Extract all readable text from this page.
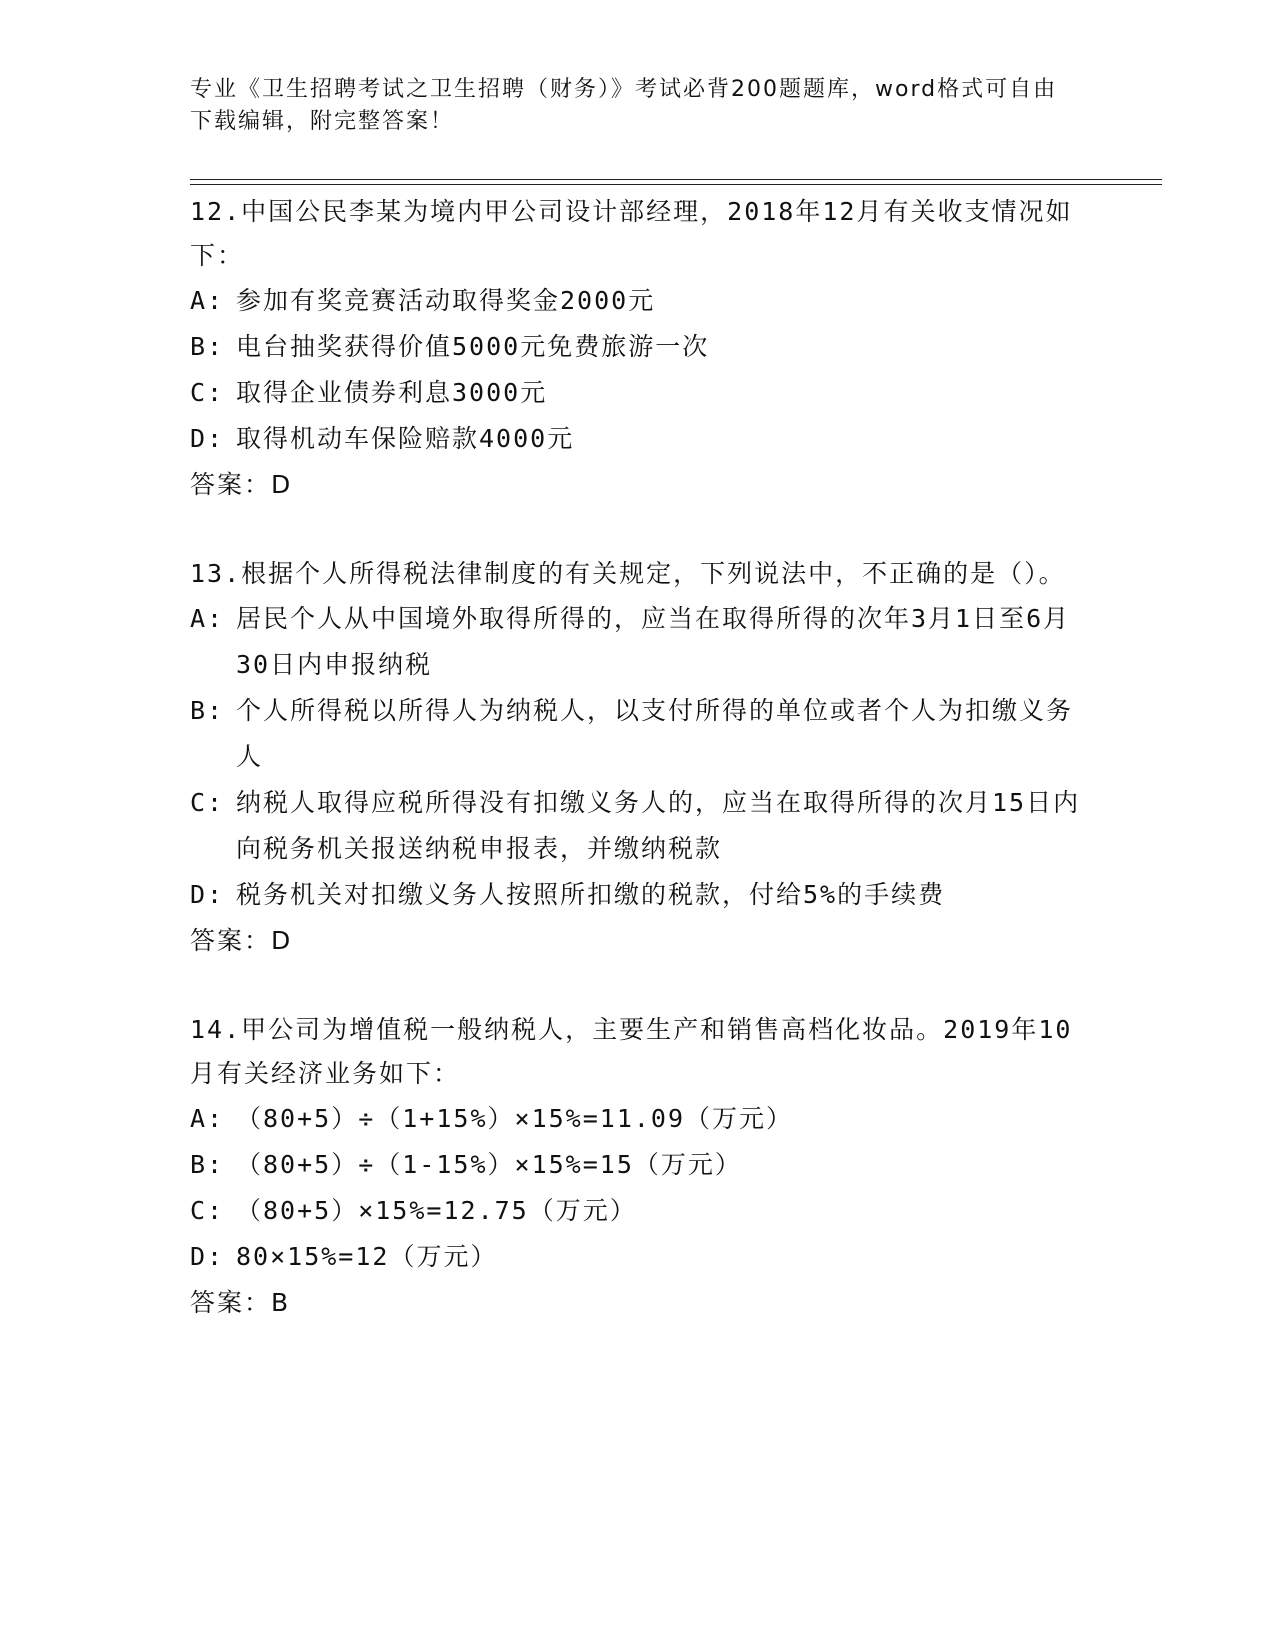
专业《卫生招聘考试之卫生招聘（财务）》考试必背200题题库，word格式可自由下载编辑，附完整答案！

12.中国公民李某为境内甲公司设计部经理，2018年12月有关收支情况如下：

A: 参加有奖竞赛活动取得奖金2000元
B: 电台抽奖获得价值5000元免费旅游一次
C: 取得企业债券利息3000元
D: 取得机动车保险赔款4000元

答案：D

13.根据个人所得税法律制度的有关规定，下列说法中，不正确的是（）。

A: 居民个人从中国境外取得所得的，应当在取得所得的次年3月1日至6月30日内申报纳税
B: 个人所得税以所得人为纳税人，以支付所得的单位或者个人为扣缴义务人
C: 纳税人取得应税所得没有扣缴义务人的，应当在取得所得的次月15日内向税务机关报送纳税申报表，并缴纳税款
D: 税务机关对扣缴义务人按照所扣缴的税款，付给5%的手续费

答案：D

14.甲公司为增值税一般纳税人，主要生产和销售高档化妆品。2019年10月有关经济业务如下：

A: （80+5）÷（1+15%）×15%=11.09（万元）
B: （80+5）÷（1-15%）×15%=15（万元）
C: （80+5）×15%=12.75（万元）
D: 80×15%=12（万元）

答案：B
